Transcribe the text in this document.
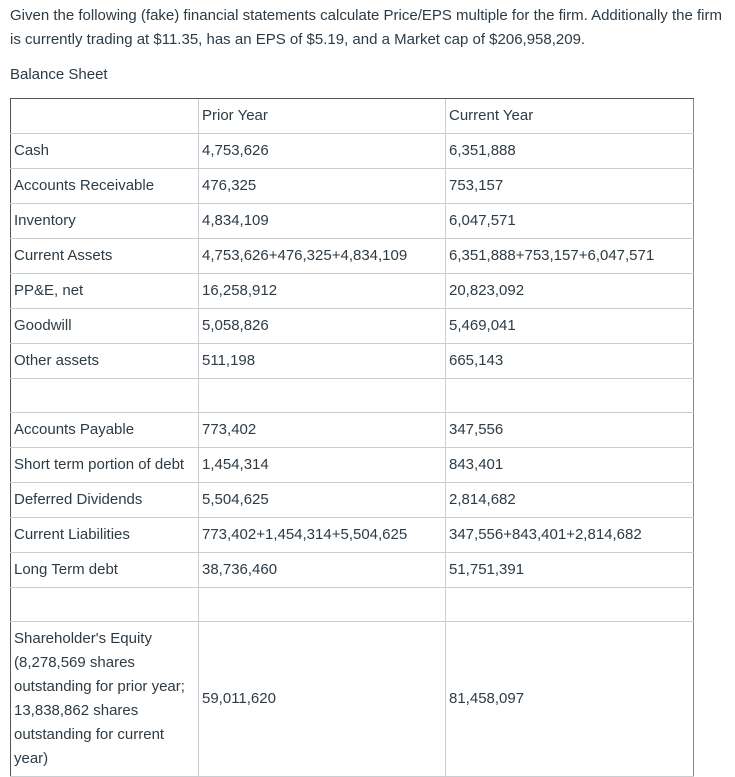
Given the following (fake) financial statements calculate Price/EPS multiple for the firm. Additionally the firm is currently trading at $11.35, has an EPS of $5.19, and a Market cap of $206,958,209.

Balance Sheet

	Prior Year	Current Year
Cash	4,753,626	6,351,888
Accounts Receivable	476,325	753,157
Inventory	4,834,109	6,047,571
Current Assets	4,753,626+476,325+4,834,109	6,351,888+753,157+6,047,571
PP&E, net	16,258,912	20,823,092
Goodwill	5,058,826	5,469,041
Other assets	511,198	665,143

Accounts Payable	773,402	347,556
Short term portion of debt	1,454,314	843,401
Deferred Dividends	5,504,625	2,814,682
Current Liabilities	773,402+1,454,314+5,504,625	347,556+843,401+2,814,682
Long Term debt	38,736,460	51,751,391

Shareholder's Equity (8,278,569 shares outstanding for prior year; 13,838,862 shares outstanding for current year)	59,011,620	81,458,097
